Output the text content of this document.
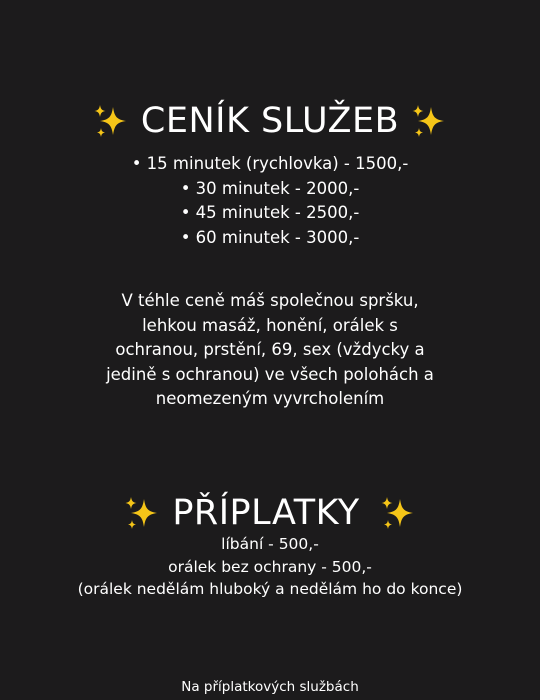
CENÍK SLUŽEB
• 15 minutek (rychlovka) - 1500,-
• 30 minutek - 2000,-
• 45 minutek - 2500,-
• 60 minutek - 3000,-
V téhle ceně máš společnou spršku,
lehkou masáž, honění, orálek s
ochranou, prstění, 69, sex (vždycky a
jedině s ochranou) ve všech polohách a
neomezeným vyvrcholením
PŘÍPLATKY
líbání - 500,-
orálek bez ochrany - 500,-
(orálek nedělám hluboký a nedělám ho do konce)
Na příplatkových službách
